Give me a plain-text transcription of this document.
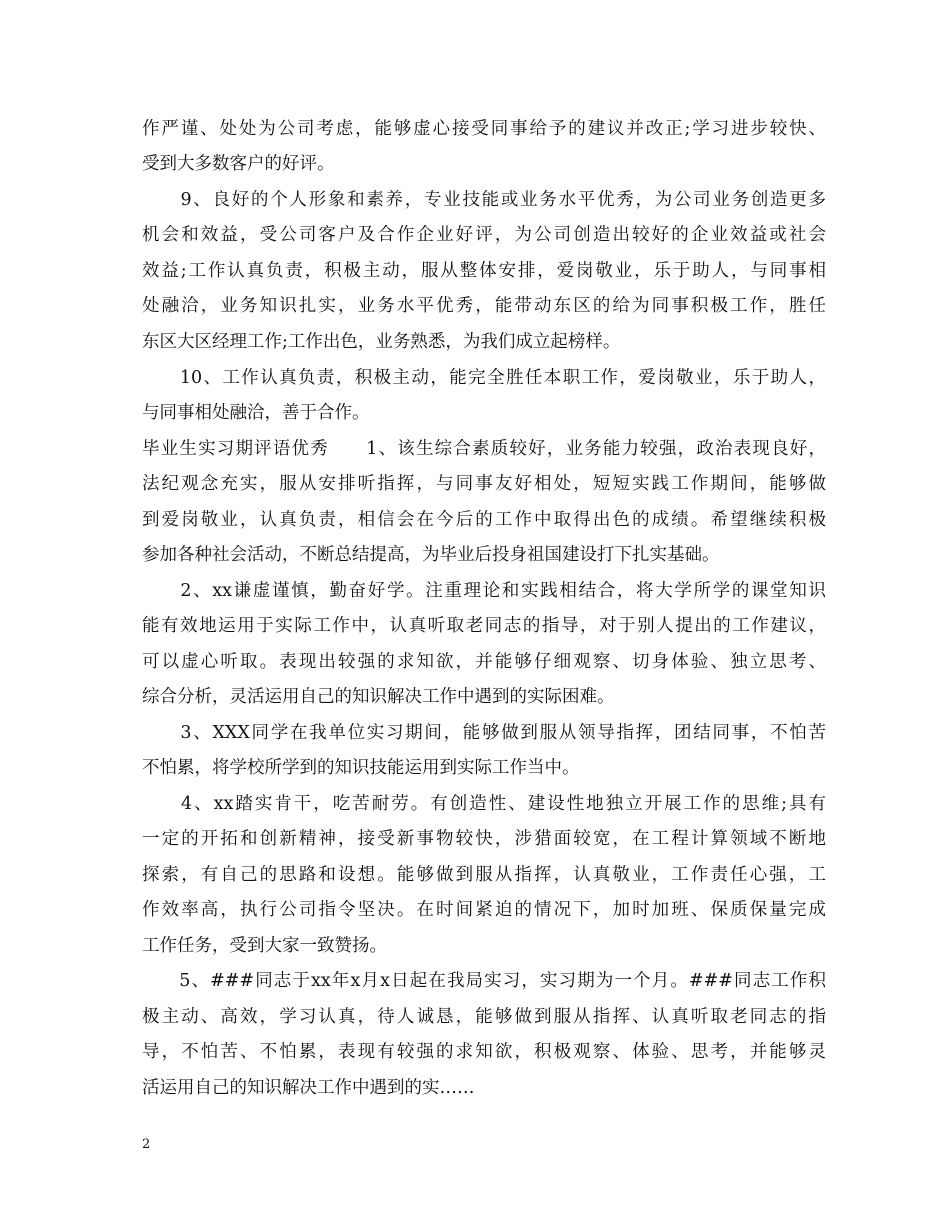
作严谨、处处为公司考虑，能够虚心接受同事给予的建议并改正;学习进步较快、
受到大多数客户的好评。
　　9、良好的个人形象和素养，专业技能或业务水平优秀，为公司业务创造更多
机会和效益，受公司客户及合作企业好评，为公司创造出较好的企业效益或社会
效益;工作认真负责，积极主动，服从整体安排，爱岗敬业，乐于助人，与同事相
处融洽，业务知识扎实，业务水平优秀，能带动东区的给为同事积极工作，胜任
东区大区经理工作;工作出色，业务熟悉，为我们成立起榜样。
　　10、工作认真负责，积极主动，能完全胜任本职工作，爱岗敬业，乐于助人，
与同事相处融洽，善于合作。
毕业生实习期评语优秀　　1、该生综合素质较好，业务能力较强，政治表现良好，
法纪观念充实，服从安排听指挥，与同事友好相处，短短实践工作期间，能够做
到爱岗敬业，认真负责，相信会在今后的工作中取得出色的成绩。希望继续积极
参加各种社会活动，不断总结提高，为毕业后投身祖国建设打下扎实基础。
　　2、xx谦虚谨慎，勤奋好学。注重理论和实践相结合，将大学所学的课堂知识
能有效地运用于实际工作中，认真听取老同志的指导，对于别人提出的工作建议，
可以虚心听取。表现出较强的求知欲，并能够仔细观察、切身体验、独立思考、
综合分析，灵活运用自己的知识解决工作中遇到的实际困难。
　　3、XXX同学在我单位实习期间，能够做到服从领导指挥，团结同事，不怕苦
不怕累，将学校所学到的知识技能运用到实际工作当中。
　　4、xx踏实肯干，吃苦耐劳。有创造性、建设性地独立开展工作的思维;具有
一定的开拓和创新精神，接受新事物较快，涉猎面较宽，在工程计算领域不断地
探索，有自己的思路和设想。能够做到服从指挥，认真敬业，工作责任心强，工
作效率高，执行公司指令坚决。在时间紧迫的情况下，加时加班、保质保量完成
工作任务，受到大家一致赞扬。
　　5、###同志于xx年x月x日起在我局实习，实习期为一个月。###同志工作积
极主动、高效，学习认真，待人诚恳，能够做到服从指挥、认真听取老同志的指
导，不怕苦、不怕累，表现有较强的求知欲，积极观察、体验、思考，并能够灵
活运用自己的知识解决工作中遇到的实……
2
